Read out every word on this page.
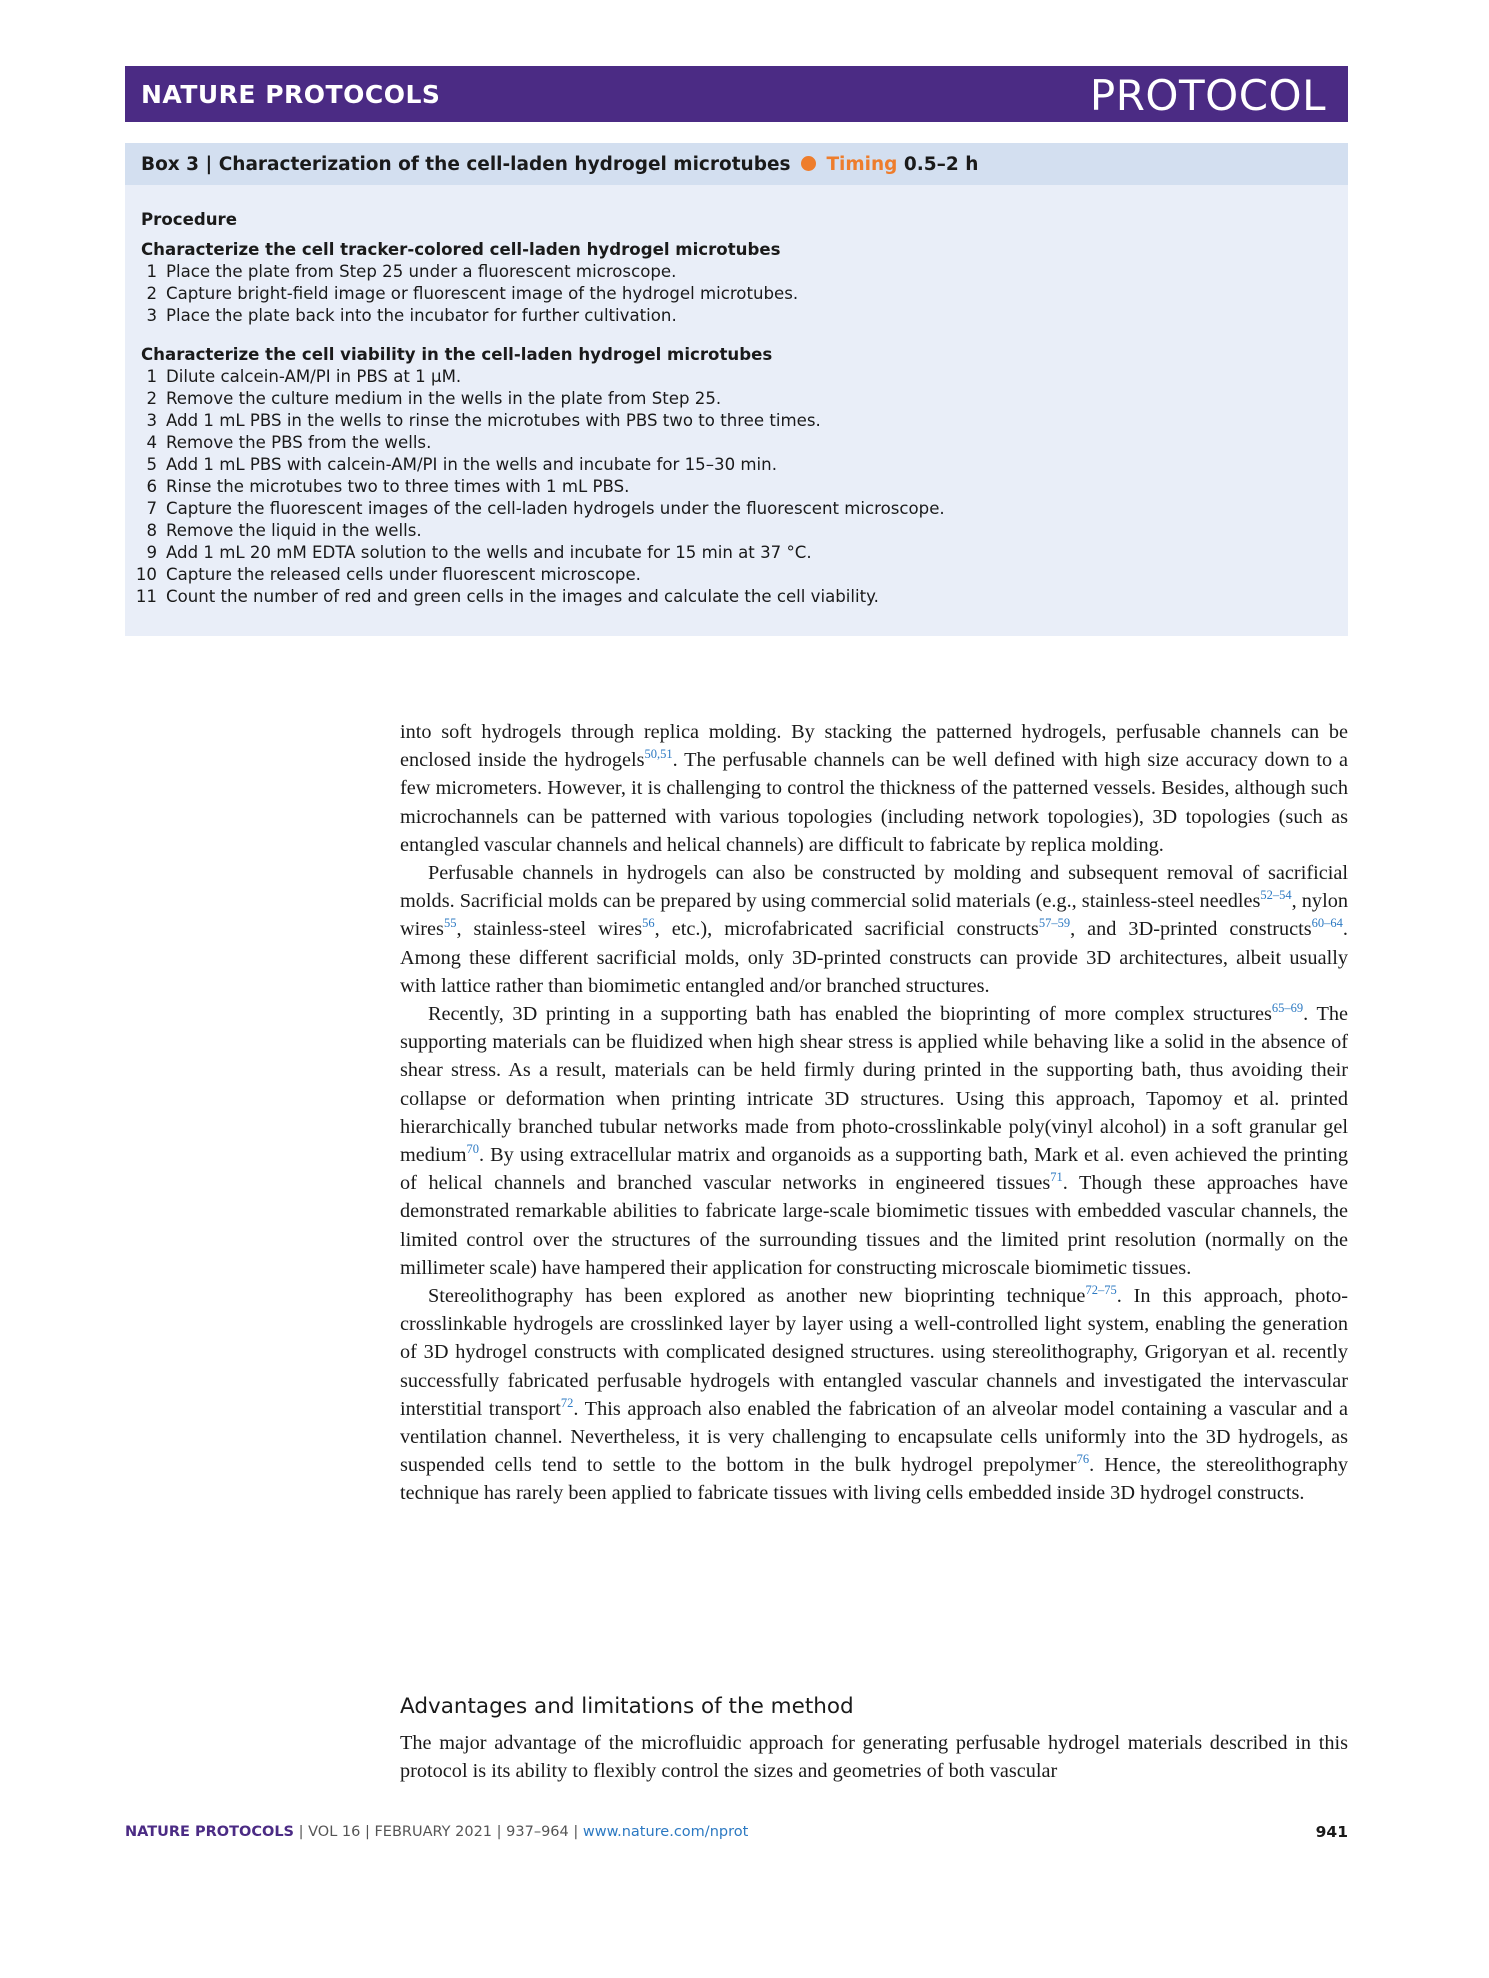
NATURE PROTOCOLS	PROTOCOL
Box 3 | Characterization of the cell-laden hydrogel microtubes Timing 0.5–2 h
Procedure
Characterize the cell tracker-colored cell-laden hydrogel microtubes
1 Place the plate from Step 25 under a fluorescent microscope.
2 Capture bright-field image or fluorescent image of the hydrogel microtubes.
3 Place the plate back into the incubator for further cultivation.
Characterize the cell viability in the cell-laden hydrogel microtubes
1 Dilute calcein-AM/PI in PBS at 1 μM.
2 Remove the culture medium in the wells in the plate from Step 25.
3 Add 1 mL PBS in the wells to rinse the microtubes with PBS two to three times.
4 Remove the PBS from the wells.
5 Add 1 mL PBS with calcein-AM/PI in the wells and incubate for 15–30 min.
6 Rinse the microtubes two to three times with 1 mL PBS.
7 Capture the fluorescent images of the cell-laden hydrogels under the fluorescent microscope.
8 Remove the liquid in the wells.
9 Add 1 mL 20 mM EDTA solution to the wells and incubate for 15 min at 37 °C.
10 Capture the released cells under fluorescent microscope.
11 Count the number of red and green cells in the images and calculate the cell viability.

into soft hydrogels through replica molding. By stacking the patterned hydrogels, perfusable channels can be enclosed inside the hydrogels$^{50,51}$. The perfusable channels can be well defined with high size accuracy down to a few micrometers. However, it is challenging to control the thickness of the patterned vessels. Besides, although such microchannels can be patterned with various topologies (including network topologies), 3D topologies (such as entangled vascular channels and helical channels) are difficult to fabricate by replica molding.

Perfusable channels in hydrogels can also be constructed by molding and subsequent removal of sacrificial molds. Sacrificial molds can be prepared by using commercial solid materials (e.g., stainless-steel needles$^{52-54}$, nylon wires$^{55}$, stainless-steel wires$^{56}$, etc.), microfabricated sacrificial constructs$^{57-59}$, and 3D-printed constructs$^{60-64}$. Among these different sacrificial molds, only 3D-printed constructs can provide 3D architectures, albeit usually with lattice rather than biomimetic entangled and/or branched structures.

Recently, 3D printing in a supporting bath has enabled the bioprinting of more complex structures$^{65-69}$. The supporting materials can be fluidized when high shear stress is applied while behaving like a solid in the absence of shear stress. As a result, materials can be held firmly during printed in the supporting bath, thus avoiding their collapse or deformation when printing intricate 3D structures. Using this approach, Tapomoy et al. printed hierarchically branched tubular networks made from photo-crosslinkable poly(vinyl alcohol) in a soft granular gel medium$^{70}$. By using extracellular matrix and organoids as a supporting bath, Mark et al. even achieved the printing of helical channels and branched vascular networks in engineered tissues$^{71}$. Though these approaches have demonstrated remarkable abilities to fabricate large-scale biomimetic tissues with embedded vascular channels, the limited control over the structures of the surrounding tissues and the limited print resolution (normally on the millimeter scale) have hampered their application for constructing microscale biomimetic tissues.

Stereolithography has been explored as another new bioprinting technique$^{72-75}$. In this approach, photo-crosslinkable hydrogels are crosslinked layer by layer using a well-controlled light system, enabling the generation of 3D hydrogel constructs with complicated designed structures. using stereolithography, Grigoryan et al. recently successfully fabricated perfusable hydrogels with entangled vascular channels and investigated the intervascular interstitial transport$^{72}$. This approach also enabled the fabrication of an alveolar model containing a vascular and a ventilation channel. Nevertheless, it is very challenging to encapsulate cells uniformly into the 3D hydrogels, as suspended cells tend to settle to the bottom in the bulk hydrogel prepolymer$^{76}$. Hence, the stereolithography technique has rarely been applied to fabricate tissues with living cells embedded inside 3D hydrogel constructs.

Advantages and limitations of the method

The major advantage of the microfluidic approach for generating perfusable hydrogel materials described in this protocol is its ability to flexibly control the sizes and geometries of both vascular

NATURE PROTOCOLS | VOL 16 | FEBRUARY 2021 | 937–964 | www.nature.com/nprot	941
